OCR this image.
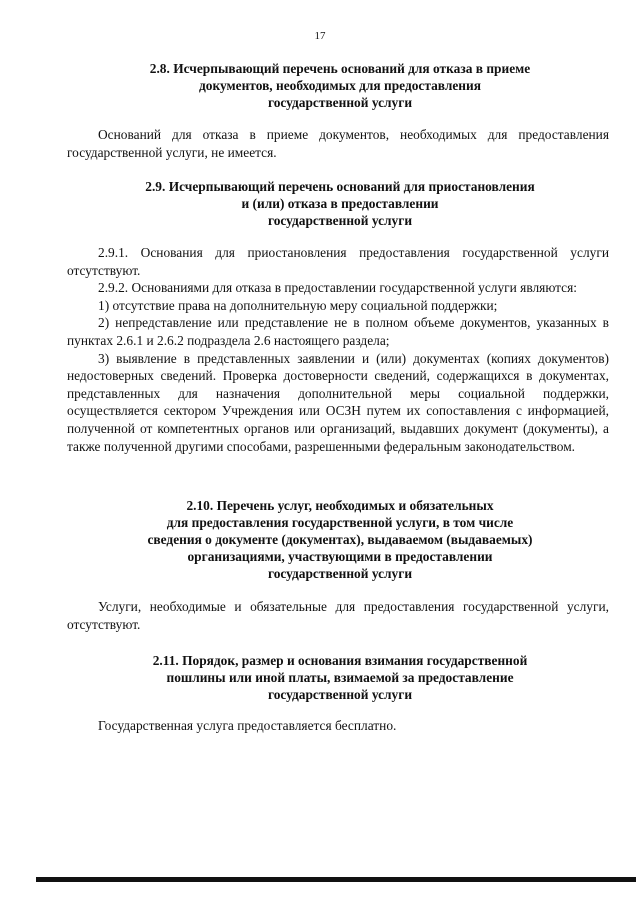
17
2.8. Исчерпывающий перечень оснований для отказа в приеме
документов, необходимых для предоставления
государственной услуги

Оснований для отказа в приеме документов, необходимых для предоставления государственной услуги, не имеется.

2.9. Исчерпывающий перечень оснований для приостановления
и (или) отказа в предоставлении
государственной услуги

2.9.1. Основания для приостановления предоставления государственной услуги отсутствуют.

2.9.2. Основаниями для отказа в предоставлении государственной услуги являются:

1) отсутствие права на дополнительную меру социальной поддержки;

2) непредставление или представление не в полном объеме документов, указанных в пунктах 2.6.1 и 2.6.2 подраздела 2.6 настоящего раздела;

3) выявление в представленных заявлении и (или) документах (копиях документов) недостоверных сведений. Проверка достоверности сведений, содержащихся в документах, представленных для назначения дополнительной меры социальной поддержки, осуществляется сектором Учреждения или ОСЗН путем их сопоставления с информацией, полученной от компетентных органов или организаций, выдавших документ (документы), а также полученной другими способами, разрешенными федеральным законодательством.

2.10. Перечень услуг, необходимых и обязательных
для предоставления государственной услуги, в том числе
сведения о документе (документах), выдаваемом (выдаваемых)
организациями, участвующими в предоставлении
государственной услуги

Услуги, необходимые и обязательные для предоставления государственной услуги, отсутствуют.

2.11. Порядок, размер и основания взимания государственной
пошлины или иной платы, взимаемой за предоставление
государственной услуги

Государственная услуга предоставляется бесплатно.
